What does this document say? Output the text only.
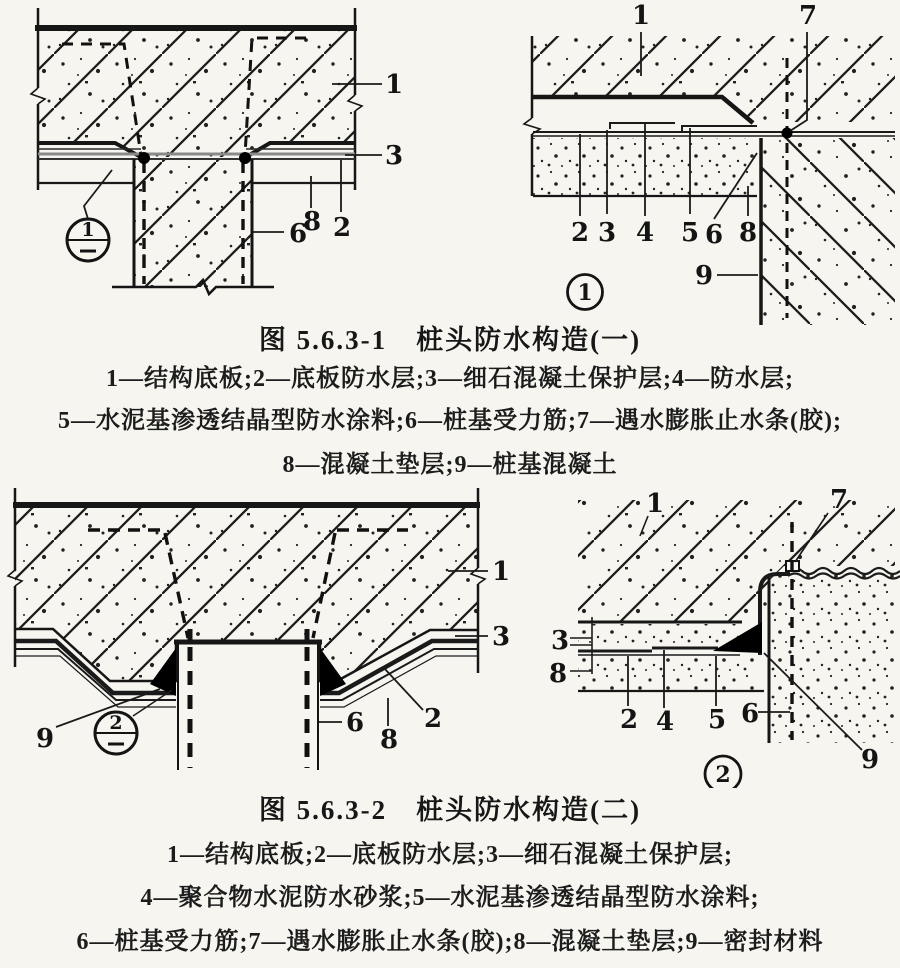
1
3
2
8
6
1
1	7
2 3 4 5 6 8
9
1
图 5.6.3-1　桩头防水构造(一)
1—结构底板;2—底板防水层;3—细石混凝土保护层;4—防水层;
5—水泥基渗透结晶型防水涂料;6—桩基受力筋;7—遇水膨胀止水条(胶);
8—混凝土垫层;9—桩基混凝土
1
3
2
8
6
9
2
1	7
3
8
2 4 5 6
9
2
图 5.6.3-2　桩头防水构造(二)
1—结构底板;2—底板防水层;3—细石混凝土保护层;
4—聚合物水泥防水砂浆;5—水泥基渗透结晶型防水涂料;
6—桩基受力筋;7—遇水膨胀止水条(胶);8—混凝土垫层;9—密封材料
